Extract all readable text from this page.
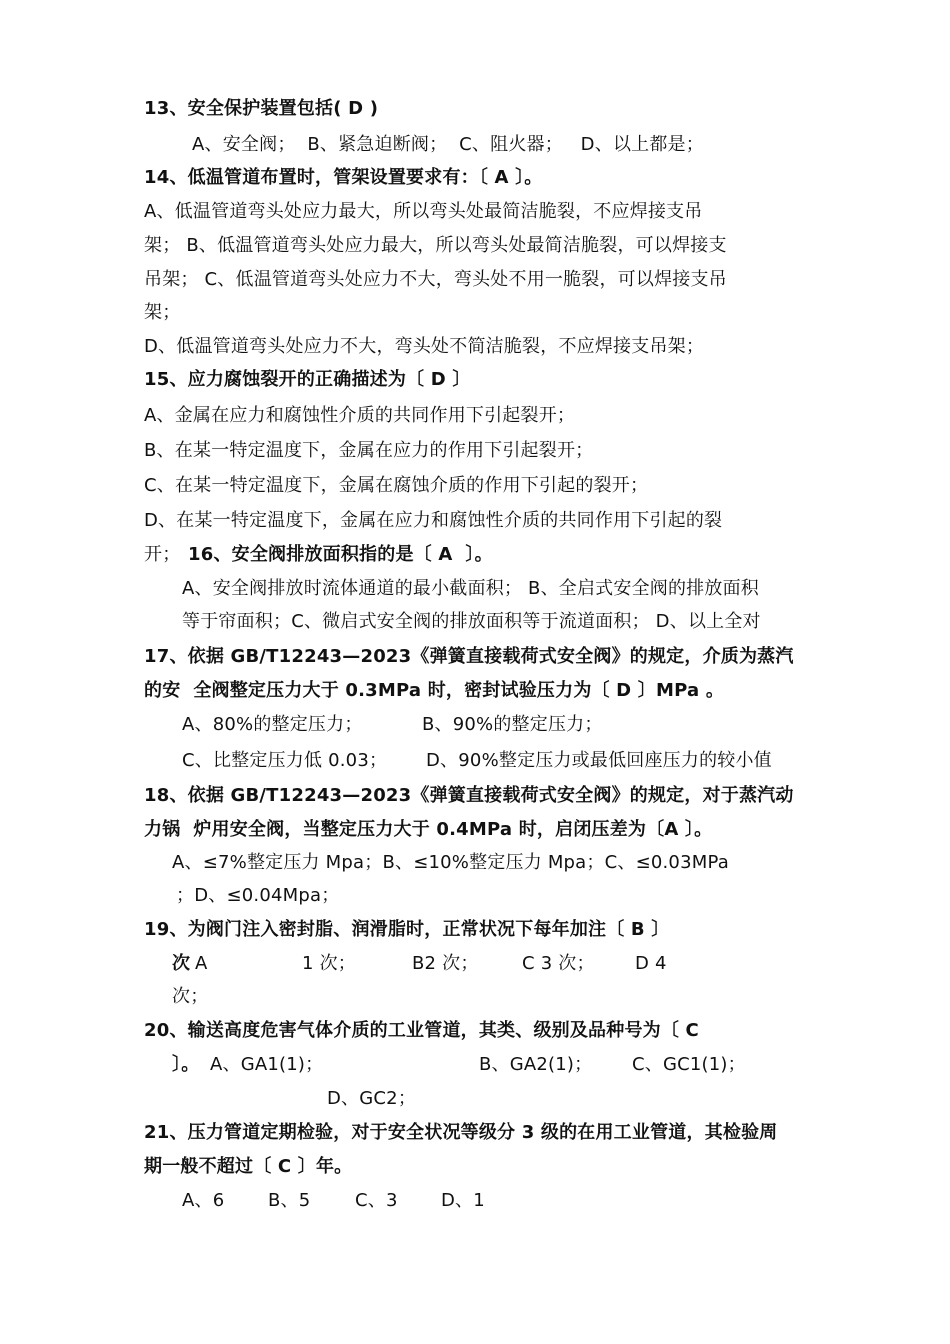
13、安全保护装置包括( D )
A、安全阀；  B、紧急迫断阀；  C、阻火器；   D、以上都是；
14、低温管道布置时，管架设置要求有：〔 A 〕。
A、低温管道弯头处应力最大，所以弯头处最简洁脆裂，不应焊接支吊
架； B、低温管道弯头处应力最大，所以弯头处最简洁脆裂，可以焊接支
吊架； C、低温管道弯头处应力不大，弯头处不用一脆裂，可以焊接支吊
架；
D、低温管道弯头处应力不大，弯头处不简洁脆裂，不应焊接支吊架；
15、应力腐蚀裂开的正确描述为〔 D 〕
A、金属在应力和腐蚀性介质的共同作用下引起裂开；
B、在某一特定温度下，金属在应力的作用下引起裂开；
C、在某一特定温度下，金属在腐蚀介质的作用下引起的裂开；
D、在某一特定温度下，金属在应力和腐蚀性介质的共同作用下引起的裂
开； 16、安全阀排放面积指的是〔 A  〕。
A、安全阀排放时流体通道的最小截面积； B、全启式安全阀的排放面积
等于帘面积；C、微启式安全阀的排放面积等于流道面积； D、以上全对
17、依据 GB/T12243—2023《弹簧直接载荷式安全阀》的规定，介质为蒸汽
的安  全阀整定压力大于 0.3MPa 时，密封试验压力为〔 D 〕MPa 。
A、80%的整定压力；	B、90%的整定压力；
C、比整定压力低 0.03； D、90%整定压力或最低回座压力的较小值
18、依据 GB/T12243—2023《弹簧直接载荷式安全阀》的规定，对于蒸汽动
力锅  炉用安全阀，当整定压力大于 0.4MPa 时，启闭压差为〔A 〕。
A、≤7%整定压力 Mpa；B、≤10%整定压力 Mpa；C、≤0.03MPa
；D、≤0.04Mpa；
19、为阀门注入密封脂、润滑脂时，正常状况下每年加注〔 B 〕
次 A	1 次；	B2 次； C 3 次； D 4
次；
20、输送高度危害气体介质的工业管道，其类、级别及品种号为〔 C
〕。 A、GA1(1)；	B、GA2(1)； C、GC1(1)；
D、GC2；
21、压力管道定期检验，对于安全状况等级分 3 级的在用工业管道，其检验周
期一般不超过〔 C 〕年。
A、6 B、5 C、3 D、1
